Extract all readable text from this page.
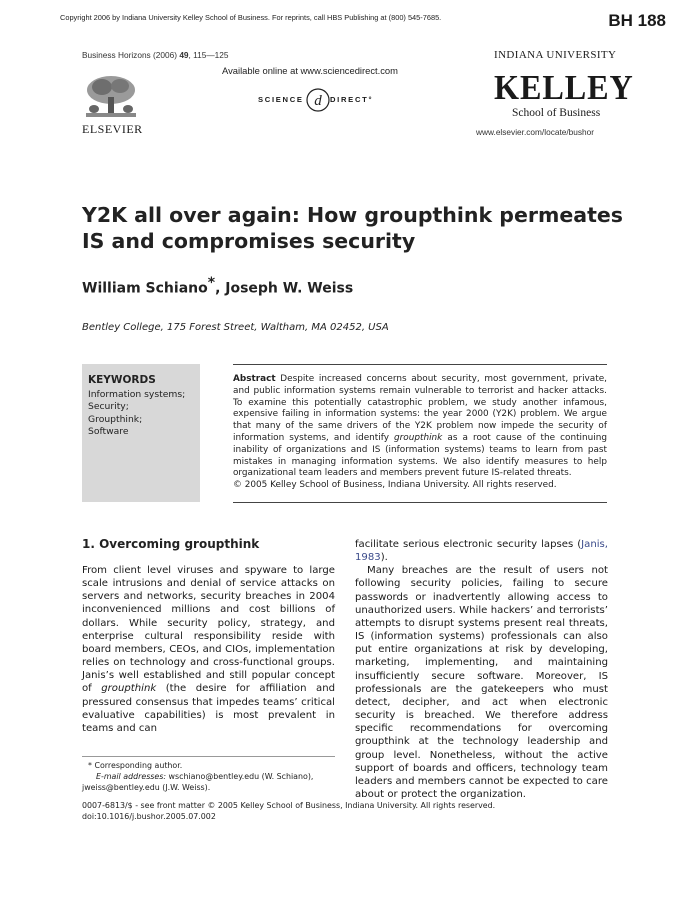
Copyright 2006 by Indiana University Kelley School of Business. For reprints, call HBS Publishing at (800) 545-7685.	BH 188
Business Horizons (2006) 49, 115—125
Available online at www.sciencedirect.com
SCIENCE d DIRECT°
ELSEVIER
INDIANA UNIVERSITY
KELLEY
School of Business
www.elsevier.com/locate/bushor
Y2K all over again: How groupthink permeates IS and compromises security
William Schiano*, Joseph W. Weiss
Bentley College, 175 Forest Street, Waltham, MA 02452, USA
KEYWORDS
Information systems;
Security;
Groupthink;
Software
Abstract Despite increased concerns about security, most government, private, and public information systems remain vulnerable to terrorist and hacker attacks. To examine this potentially catastrophic problem, we study another infamous, expensive failing in information systems: the year 2000 (Y2K) problem. We argue that many of the same drivers of the Y2K problem now impede the security of information systems, and identify groupthink as a root cause of the continuing inability of organizations and IS (information systems) teams to learn from past mistakes in managing information systems. We also identify measures to help organizational team leaders and members prevent future IS-related threats.
© 2005 Kelley School of Business, Indiana University. All rights reserved.
1. Overcoming groupthink

From client level viruses and spyware to large scale intrusions and denial of service attacks on servers and networks, security breaches in 2004 inconvenienced millions and cost billions of dollars. While security policy, strategy, and enterprise cultural responsibility reside with board members, CEOs, and CIOs, implementation relies on technology and cross-functional groups. Janis’s well established and still popular concept of groupthink (the desire for affiliation and pressured consensus that impedes teams’ critical evaluative capabilities) is most prevalent in teams and can

facilitate serious electronic security lapses (Janis, 1983).

Many breaches are the result of users not following security policies, failing to secure passwords or inadvertently allowing access to unauthorized users. While hackers’ and terrorists’ attempts to disrupt systems present real threats, IS (information systems) professionals can also put entire organizations at risk by developing, marketing, implementing, and maintaining insufficiently secure software. Moreover, IS professionals are the gatekeepers who must detect, decipher, and act when electronic security is breached. We therefore address specific recommendations for overcoming groupthink at the technology leadership and group level. Nonetheless, without the active support of boards and officers, technology team leaders and members cannot be expected to care about or protect the organization.

* Corresponding author.
E-mail addresses: wschiano@bentley.edu (W. Schiano),
jweiss@bentley.edu (J.W. Weiss).
0007-6813/$ - see front matter © 2005 Kelley School of Business, Indiana University. All rights reserved.
doi:10.1016/j.bushor.2005.07.002
